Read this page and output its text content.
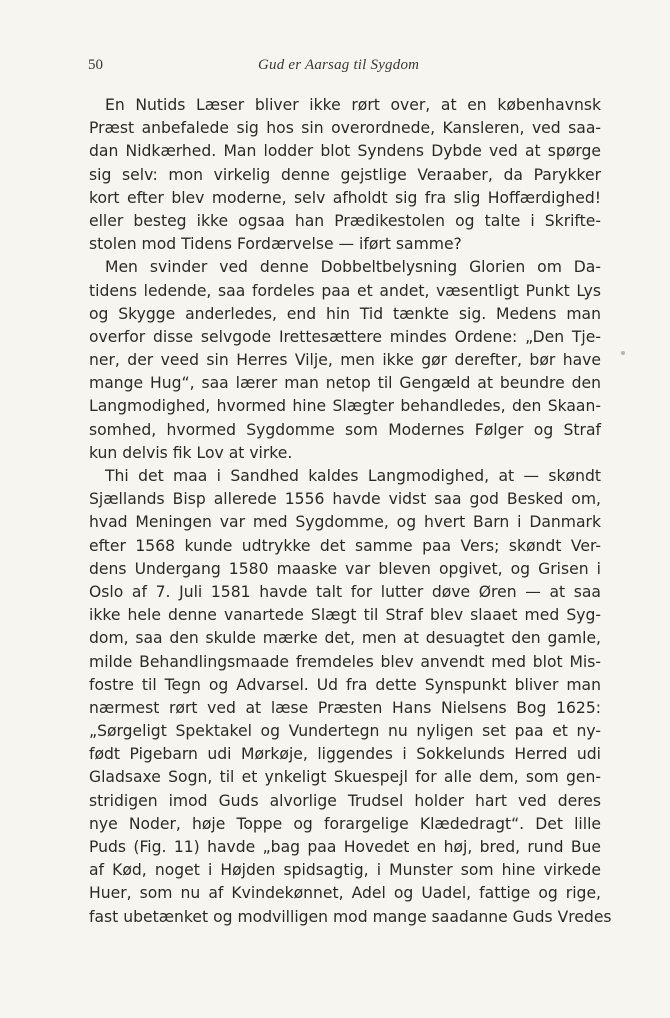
50	Gud er Aarsag til Sygdom
En Nutids Læser bliver ikke rørt over, at en københavnsk
Præst anbefalede sig hos sin overordnede, Kansleren, ved saa-
dan Nidkærhed. Man lodder blot Syndens Dybde ved at spørge
sig selv: mon virkelig denne gejstlige Veraaber, da Parykker
kort efter blev moderne, selv afholdt sig fra slig Hoffærdighed!
eller besteg ikke ogsaa han Prædikestolen og talte i Skrifte-
stolen mod Tidens Fordærvelse — iført samme?
Men svinder ved denne Dobbeltbelysning Glorien om Da-
tidens ledende, saa fordeles paa et andet, væsentligt Punkt Lys
og Skygge anderledes, end hin Tid tænkte sig. Medens man
overfor disse selvgode Irettesættere mindes Ordene: „Den Tje-
ner, der veed sin Herres Vilje, men ikke gør derefter, bør have
mange Hug“, saa lærer man netop til Gengæld at beundre den
Langmodighed, hvormed hine Slægter behandledes, den Skaan-
somhed, hvormed Sygdomme som Modernes Følger og Straf
kun delvis fik Lov at virke.
Thi det maa i Sandhed kaldes Langmodighed, at — skøndt
Sjællands Bisp allerede 1556 havde vidst saa god Besked om,
hvad Meningen var med Sygdomme, og hvert Barn i Danmark
efter 1568 kunde udtrykke det samme paa Vers; skøndt Ver-
dens Undergang 1580 maaske var bleven opgivet, og Grisen i
Oslo af 7. Juli 1581 havde talt for lutter døve Øren — at saa
ikke hele denne vanartede Slægt til Straf blev slaaet med Syg-
dom, saa den skulde mærke det, men at desuagtet den gamle,
milde Behandlingsmaade fremdeles blev anvendt med blot Mis-
fostre til Tegn og Advarsel. Ud fra dette Synspunkt bliver man
nærmest rørt ved at læse Præsten Hans Nielsens Bog 1625:
„Sørgeligt Spektakel og Vundertegn nu nyligen set paa et ny-
født Pigebarn udi Mørkøje, liggendes i Sokkelunds Herred udi
Gladsaxe Sogn, til et ynkeligt Skuespejl for alle dem, som gen-
stridigen imod Guds alvorlige Trudsel holder hart ved deres
nye Noder, høje Toppe og forargelige Klædedragt“. Det lille
Puds (Fig. 11) havde „bag paa Hovedet en høj, bred, rund Bue
af Kød, noget i Højden spidsagtig, i Munster som hine virkede
Huer, som nu af Kvindekønnet, Adel og Uadel, fattige og rige,
fast ubetænket og modvilligen mod mange saadanne Guds Vredes
